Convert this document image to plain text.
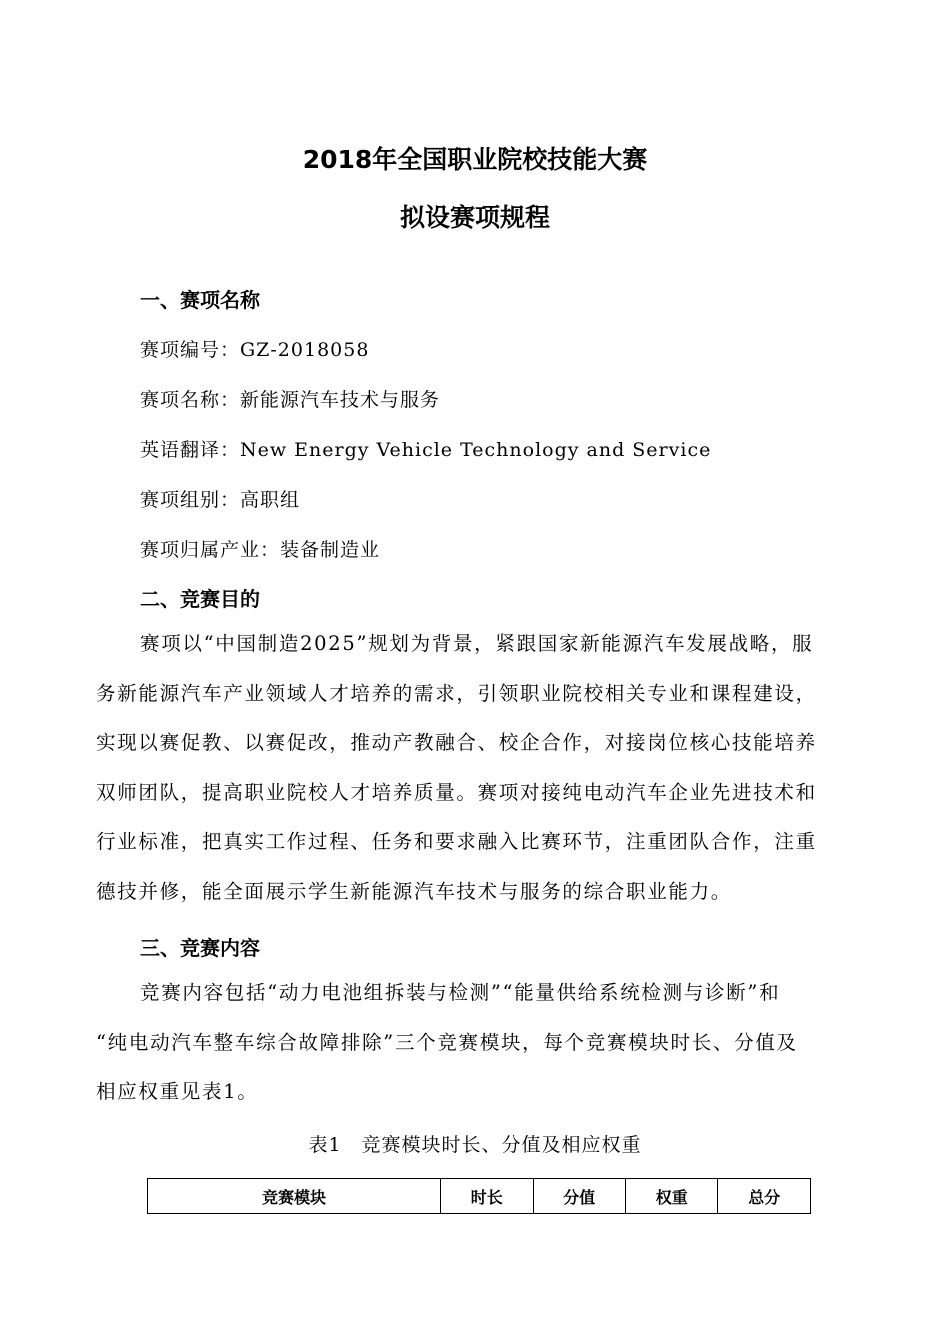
2018年全国职业院校技能大赛
拟设赛项规程
一、赛项名称
赛项编号：GZ-2018058
赛项名称：新能源汽车技术与服务
英语翻译：New Energy Vehicle Technology and Service
赛项组别：高职组
赛项归属产业：装备制造业
二、竞赛目的
赛项以“中国制造2025”规划为背景，紧跟国家新能源汽车发展战略，服
务新能源汽车产业领域人才培养的需求，引领职业院校相关专业和课程建设，
实现以赛促教、以赛促改，推动产教融合、校企合作，对接岗位核心技能培养
双师团队，提高职业院校人才培养质量。赛项对接纯电动汽车企业先进技术和
行业标准，把真实工作过程、任务和要求融入比赛环节，注重团队合作，注重
德技并修，能全面展示学生新能源汽车技术与服务的综合职业能力。
三、竞赛内容
竞赛内容包括“动力电池组拆装与检测”“能量供给系统检测与诊断”和
“纯电动汽车整车综合故障排除”三个竞赛模块，每个竞赛模块时长、分值及
相应权重见表1。
表1　竞赛模块时长、分值及相应权重
竞赛模块	时长	分值	权重	总分
